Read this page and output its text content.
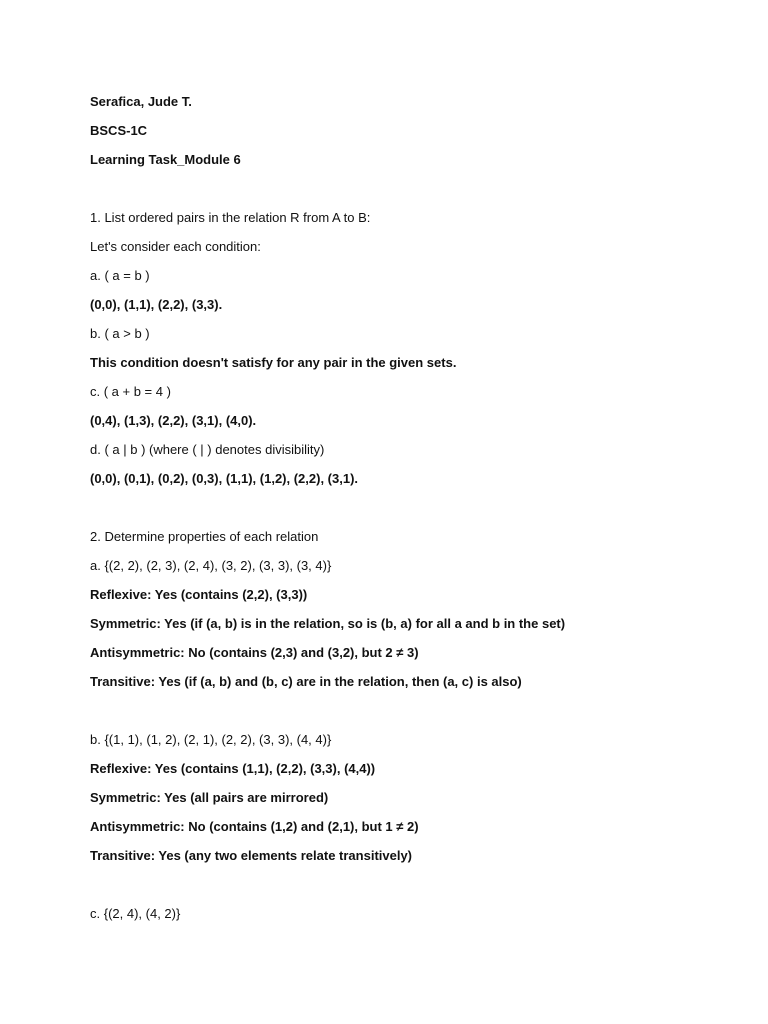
Serafica, Jude T.
BSCS-1C
Learning Task_Module 6
1. List ordered pairs in the relation R from A to B:
Let's consider each condition:
a. ( a = b )
(0,0), (1,1), (2,2), (3,3).
b. ( a > b )
This condition doesn't satisfy for any pair in the given sets.
c. ( a + b = 4 )
(0,4), (1,3), (2,2), (3,1), (4,0).
d. ( a | b ) (where ( | ) denotes divisibility)
(0,0), (0,1), (0,2), (0,3), (1,1), (1,2), (2,2), (3,1).
2. Determine properties of each relation
a. {(2, 2), (2, 3), (2, 4), (3, 2), (3, 3), (3, 4)}
Reflexive: Yes (contains (2,2), (3,3))
Symmetric: Yes (if (a, b) is in the relation, so is (b, a) for all a and b in the set)
Antisymmetric: No (contains (2,3) and (3,2), but 2 ≠ 3)
Transitive: Yes (if (a, b) and (b, c) are in the relation, then (a, c) is also)
b. {(1, 1), (1, 2), (2, 1), (2, 2), (3, 3), (4, 4)}
Reflexive: Yes (contains (1,1), (2,2), (3,3), (4,4))
Symmetric: Yes (all pairs are mirrored)
Antisymmetric: No (contains (1,2) and (2,1), but 1 ≠ 2)
Transitive: Yes (any two elements relate transitively)
c. {(2, 4), (4, 2)}
